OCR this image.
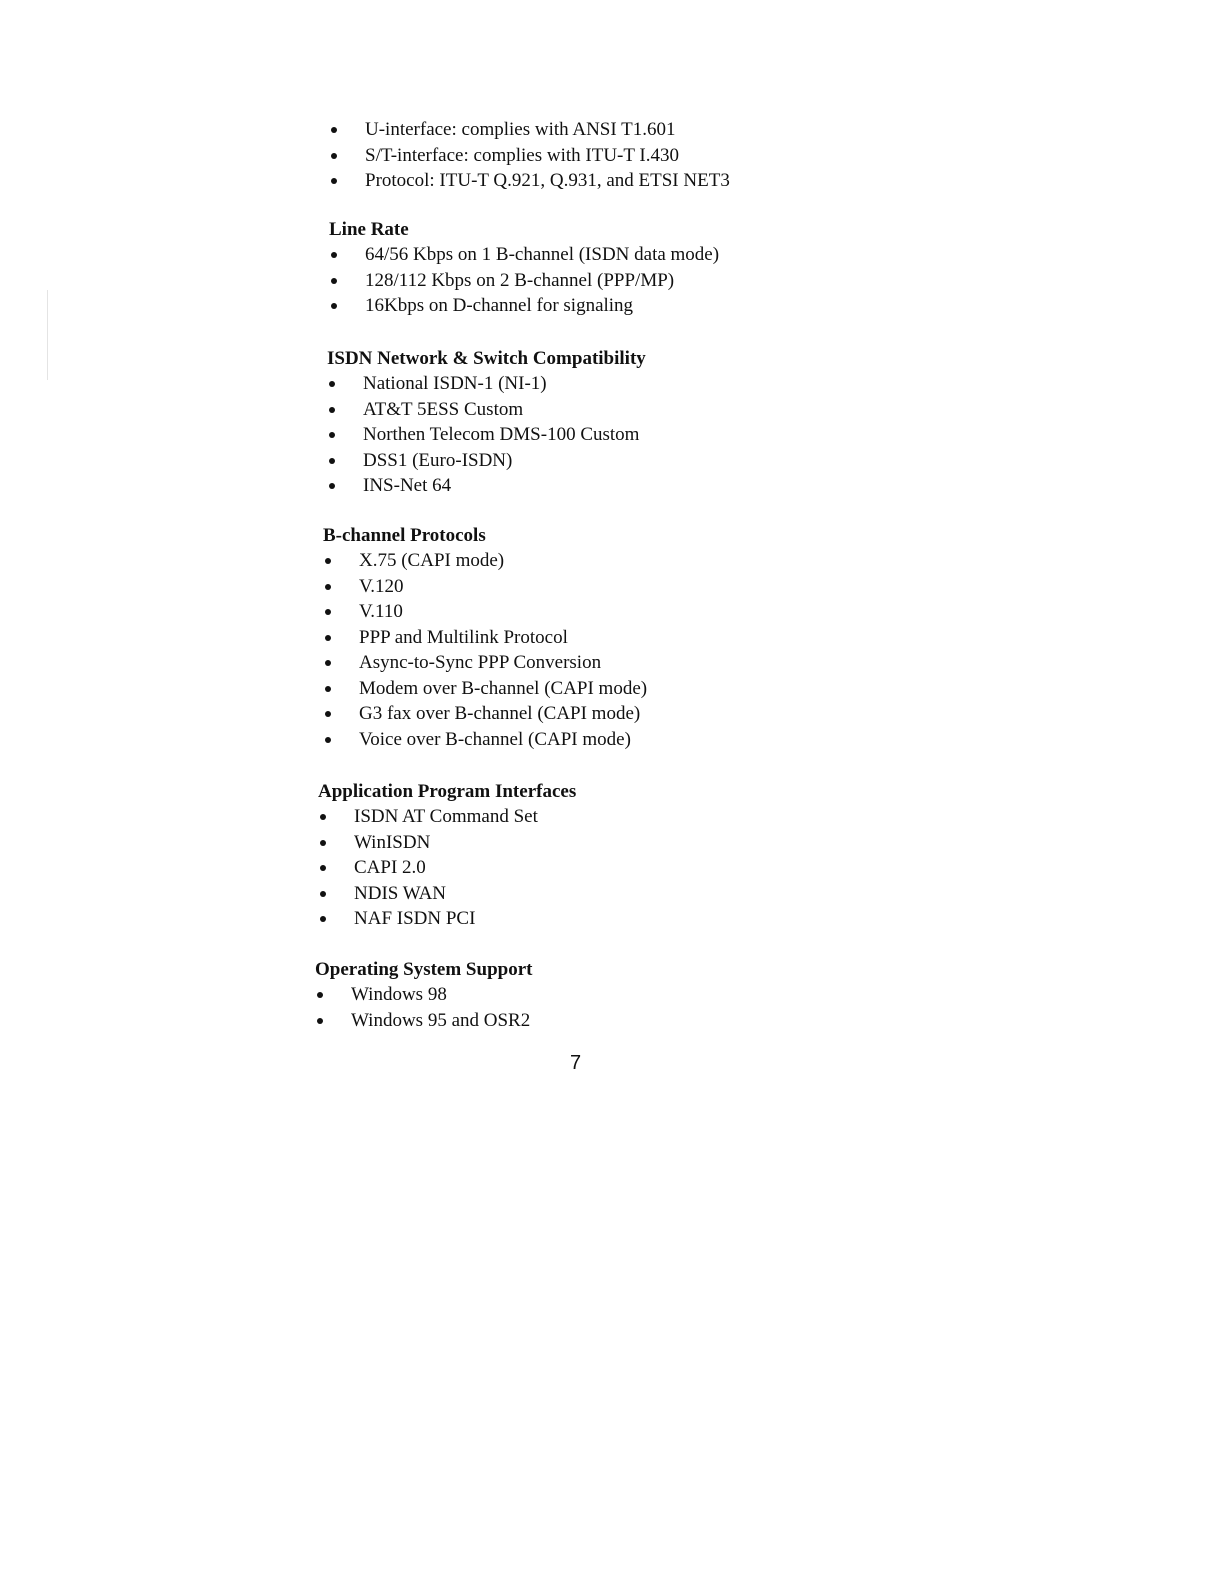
U-interface: complies with ANSI T1.601
S/T-interface: complies with ITU-T I.430
Protocol: ITU-T Q.921, Q.931, and ETSI NET3
Line Rate
64/56 Kbps on 1 B-channel (ISDN data mode)
128/112 Kbps on 2 B-channel (PPP/MP)
16Kbps on D-channel for signaling
ISDN Network & Switch Compatibility
National ISDN-1 (NI-1)
AT&T 5ESS Custom
Northen Telecom DMS-100 Custom
DSS1 (Euro-ISDN)
INS-Net 64
B-channel Protocols
X.75 (CAPI mode)
V.120
V.110
PPP and Multilink Protocol
Async-to-Sync PPP Conversion
Modem over B-channel (CAPI mode)
G3 fax over B-channel (CAPI mode)
Voice over B-channel (CAPI mode)
Application Program Interfaces
ISDN AT Command Set
WinISDN
CAPI 2.0
NDIS WAN
NAF ISDN PCI
Operating System Support
Windows 98
Windows 95 and OSR2
7
